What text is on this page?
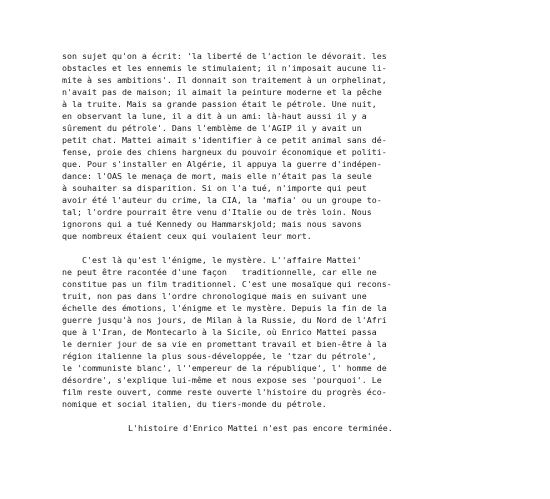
son sujet qu'on a écrit: 'la liberté de l'action le dévorait. les
obstacles et les ennemis le stimulaient; il n'imposait aucune li-
mite à ses ambitions'. Il donnait son traitement à un orphelinat,
n'avait pas de maison; il aimait la peinture moderne et la pêche
à la truite. Mais sa grande passion était le pétrole. Une nuit,
en observant la lune, il a dit à un ami: là-haut aussi il y a
sûrement du pétrole'. Dans l'emblème de l'AGIP il y avait un
petit chat. Mattei aimait s'identifier à ce petit animal sans dé-
fense, proie des chiens hargneux du pouvoir économique et politi-
que. Pour s'installer en Algérie, il appuya la guerre d'indépen-
dance: l'OAS le menaça de mort, mais elle n'était pas la seule
à souhaiter sa disparition. Si on l'a tué, n'importe qui peut
avoir été l'auteur du crime, la CIA, la 'mafia' ou un groupe to-
tal; l'ordre pourrait être venu d'Italie ou de très loin. Nous
ignorons qui a tué Kennedy ou Hammarskjold; mais nous savons
que nombreux étaient ceux qui voulaient leur mort.
C'est là qu'est l'énigme, le mystère. L''affaire Mattei'
ne peut être racontée d'une façon   traditionnelle, car elle ne
constitue pas un film traditionnel. C'est une mosaïque qui recons-
truit, non pas dans l'ordre chronologique mais en suivant une
échelle des émotions, l'énigme et le mystère. Depuis la fin de la
guerre jusqu'à nos jours, de Milan à la Russie, du Nord de l'Afri
que à l'Iran, de Montecarlo à la Sicile, où Enrico Mattei passa
le dernier jour de sa vie en promettant travail et bien-être à la
région italienne la plus sous-développée, le 'tzar du pétrole',
le 'communiste blanc', l''empereur de la république', l' homme de
désordre', s'explique lui-même et nous expose ses 'pourquoi'. Le
film reste ouvert, comme reste ouverte l'histoire du progrès éco-
nomique et social italien, du tiers-monde du pétrole.
L'histoire d'Enrico Mattei n'est pas encore terminée.
